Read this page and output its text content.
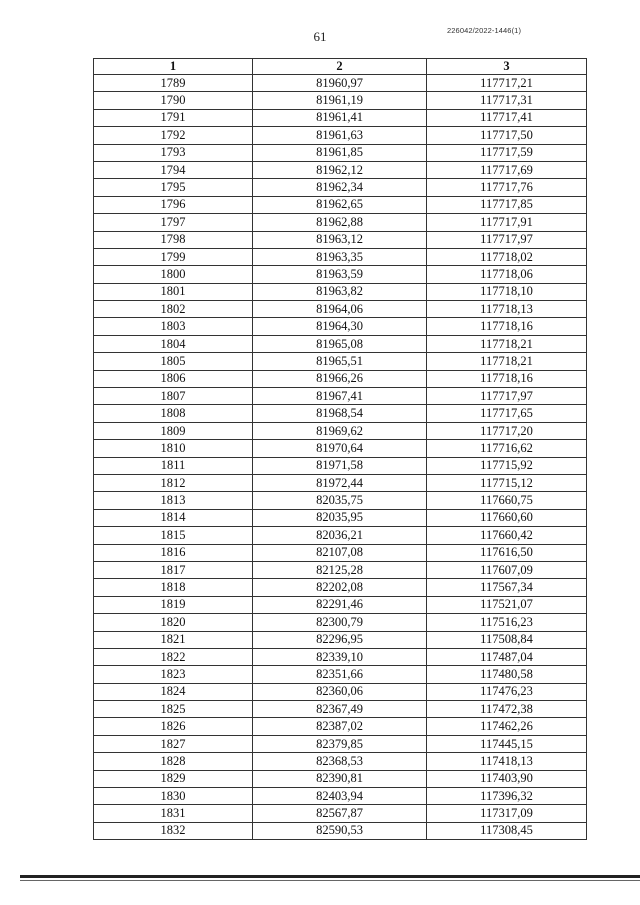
61	226042/2022-1446(1)
1	2	3
1789	81960,97	117717,21
1790	81961,19	117717,31
1791	81961,41	117717,41
1792	81961,63	117717,50
1793	81961,85	117717,59
1794	81962,12	117717,69
1795	81962,34	117717,76
1796	81962,65	117717,85
1797	81962,88	117717,91
1798	81963,12	117717,97
1799	81963,35	117718,02
1800	81963,59	117718,06
1801	81963,82	117718,10
1802	81964,06	117718,13
1803	81964,30	117718,16
1804	81965,08	117718,21
1805	81965,51	117718,21
1806	81966,26	117718,16
1807	81967,41	117717,97
1808	81968,54	117717,65
1809	81969,62	117717,20
1810	81970,64	117716,62
1811	81971,58	117715,92
1812	81972,44	117715,12
1813	82035,75	117660,75
1814	82035,95	117660,60
1815	82036,21	117660,42
1816	82107,08	117616,50
1817	82125,28	117607,09
1818	82202,08	117567,34
1819	82291,46	117521,07
1820	82300,79	117516,23
1821	82296,95	117508,84
1822	82339,10	117487,04
1823	82351,66	117480,58
1824	82360,06	117476,23
1825	82367,49	117472,38
1826	82387,02	117462,26
1827	82379,85	117445,15
1828	82368,53	117418,13
1829	82390,81	117403,90
1830	82403,94	117396,32
1831	82567,87	117317,09
1832	82590,53	117308,45
